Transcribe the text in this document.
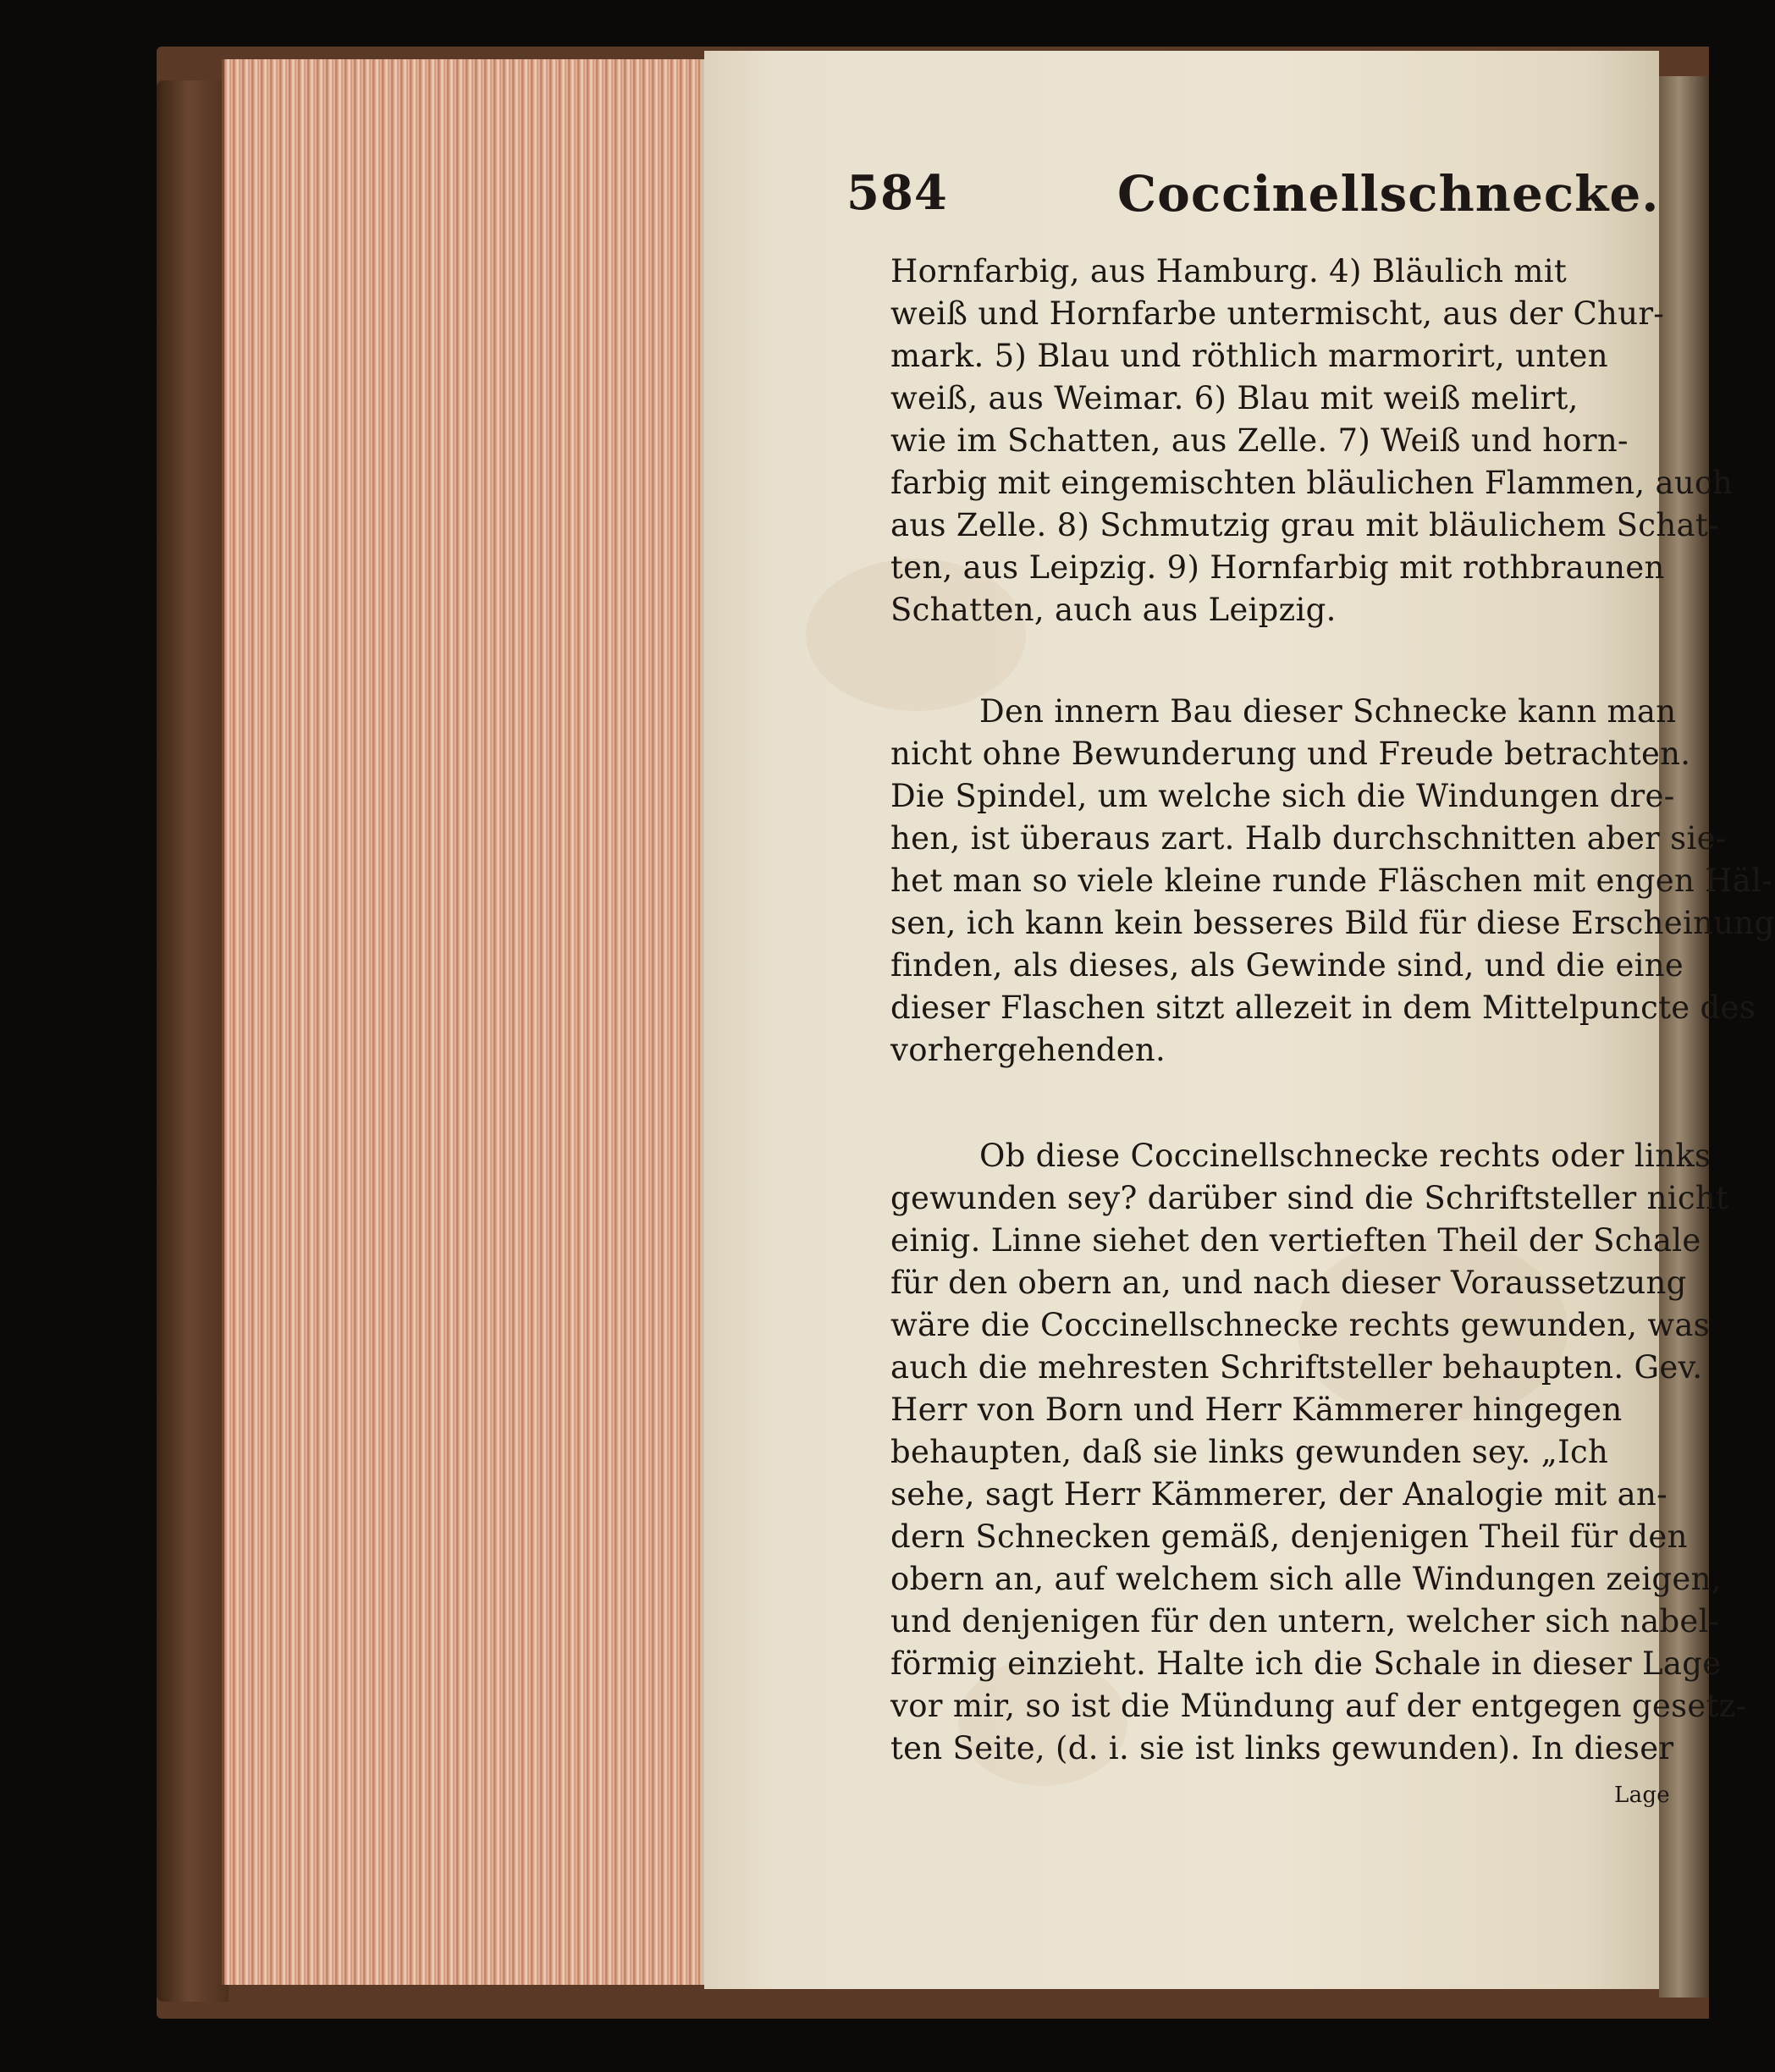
584	Coccinellschnecke.
Hornfarbig, aus Hamburg. 4) Bläulich mit
weiß und Hornfarbe untermischt, aus der Chur-
mark. 5) Blau und röthlich marmorirt, unten
weiß, aus Weimar. 6) Blau mit weiß melirt,
wie im Schatten, aus Zelle. 7) Weiß und horn-
farbig mit eingemischten bläulichen Flammen, auch
aus Zelle. 8) Schmutzig grau mit bläulichem Schat-
ten, aus Leipzig. 9) Hornfarbig mit rothbraunen
Schatten, auch aus Leipzig.
Den innern Bau dieser Schnecke kann man
nicht ohne Bewunderung und Freude betrachten.
Die Spindel, um welche sich die Windungen dre-
hen, ist überaus zart. Halb durchschnitten aber sie-
het man so viele kleine runde Fläschen mit engen Häl-
sen, ich kann kein besseres Bild für diese Erscheinung
finden, als dieses, als Gewinde sind, und die eine
dieser Flaschen sitzt allezeit in dem Mittelpuncte des
vorhergehenden.
Ob diese Coccinellschnecke rechts oder links
gewunden sey? darüber sind die Schriftsteller nicht
einig. Linne siehet den vertieften Theil der Schale
für den obern an, und nach dieser Voraussetzung
wäre die Coccinellschnecke rechts gewunden, was
auch die mehresten Schriftsteller behaupten. Gev.
Herr von Born und Herr Kämmerer hingegen
behaupten, daß sie links gewunden sey. „Ich
sehe, sagt Herr Kämmerer, der Analogie mit an-
dern Schnecken gemäß, denjenigen Theil für den
obern an, auf welchem sich alle Windungen zeigen,
und denjenigen für den untern, welcher sich nabel-
förmig einzieht. Halte ich die Schale in dieser Lage
vor mir, so ist die Mündung auf der entgegen gesetz-
ten Seite, (d. i. sie ist links gewunden). In dieser
Lage
